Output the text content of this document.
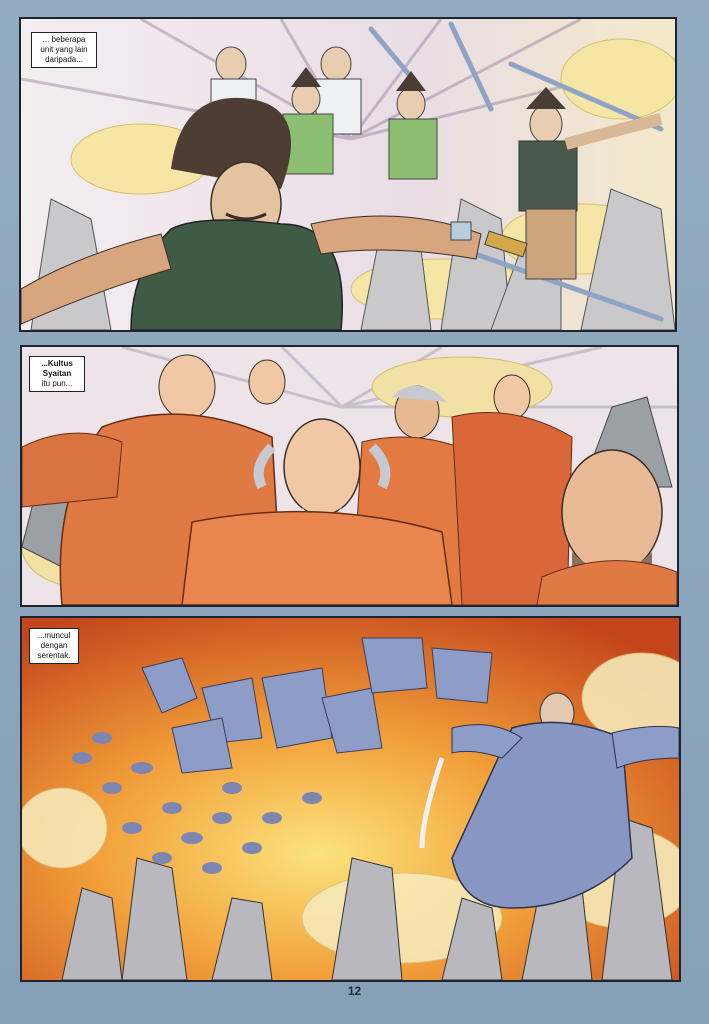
... beberapa
unit yang lain
daripada...
...Kultus
Syaitan
itu pun...
...muncul
dengan
serentak.
12
